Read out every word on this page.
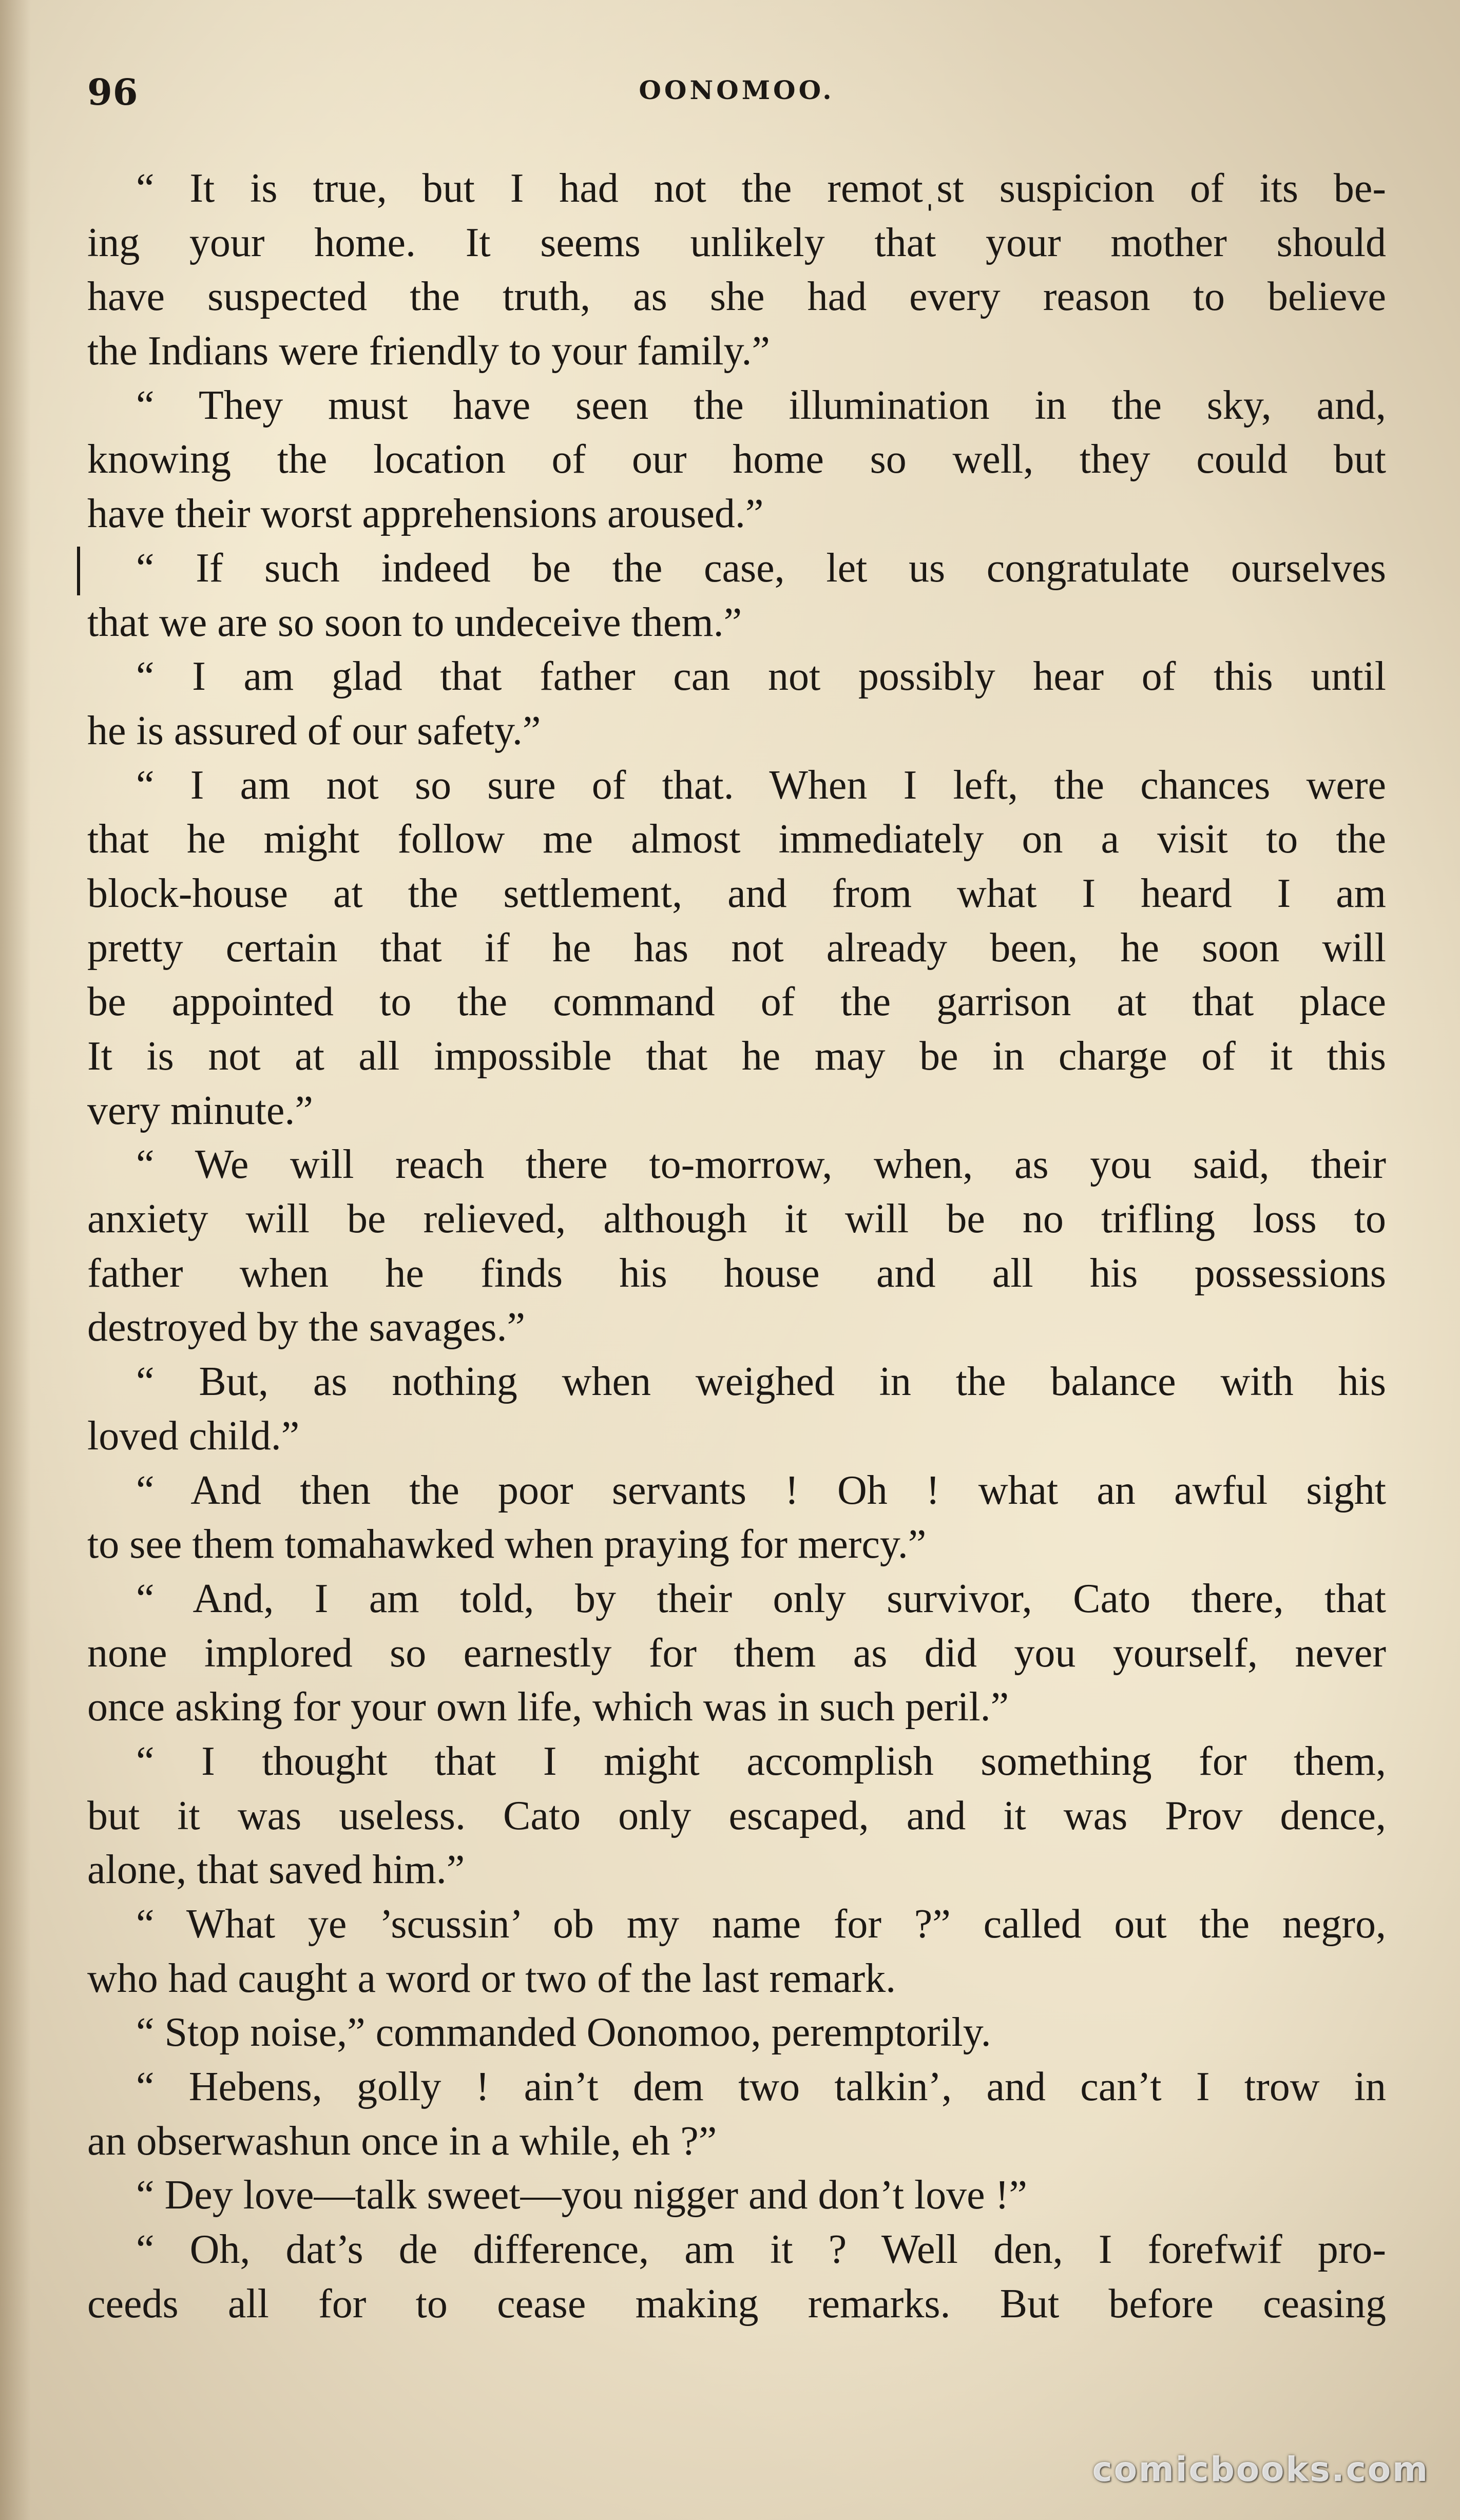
96	OONOMOO.
“ It is true, but I had not the remotˌst suspicion of its be-
ing your home. It seems unlikely that your mother should
have suspected the truth, as she had every reason to believe
the Indians were friendly to your family.”
“ They must have seen the illumination in the sky, and,
knowing the location of our home so well, they could but
have their worst apprehensions aroused.”
“ If such indeed be the case, let us congratulate ourselves
that we are so soon to undeceive them.”
“ I am glad that father can not possibly hear of this until
he is assured of our safety.”
“ I am not so sure of that. When I left, the chances were
that he might follow me almost immediately on a visit to the
block-house at the settlement, and from what I heard I am
pretty certain that if he has not already been, he soon will
be appointed to the command of the garrison at that place
It is not at all impossible that he may be in charge of it this
very minute.”
“ We will reach there to-morrow, when, as you said, their
anxiety will be relieved, although it will be no trifling loss to
father when he finds his house and all his possessions
destroyed by the savages.”
“ But, as nothing when weighed in the balance with his
loved child.”
“ And then the poor servants ! Oh ! what an awful sight
to see them tomahawked when praying for mercy.”
“ And, I am told, by their only survivor, Cato there, that
none implored so earnestly for them as did you yourself, never
once asking for your own life, which was in such peril.”
“ I thought that I might accomplish something for them,
but it was useless. Cato only escaped, and it was Prov dence,
alone, that saved him.”
“ What ye ’scussin’ ob my name for ?” called out the negro,
who had caught a word or two of the last remark.
“ Stop noise,” commanded Oonomoo, peremptorily.
“ Hebens, golly ! ain’t dem two talkin’, and can’t I trow in
an obserwashun once in a while, eh ?”
“ Dey love—talk sweet—you nigger and don’t love !”
“ Oh, dat’s de difference, am it ? Well den, I forefwif pro-
ceeds all for to cease making remarks. But before ceasing
comicbooks.com
